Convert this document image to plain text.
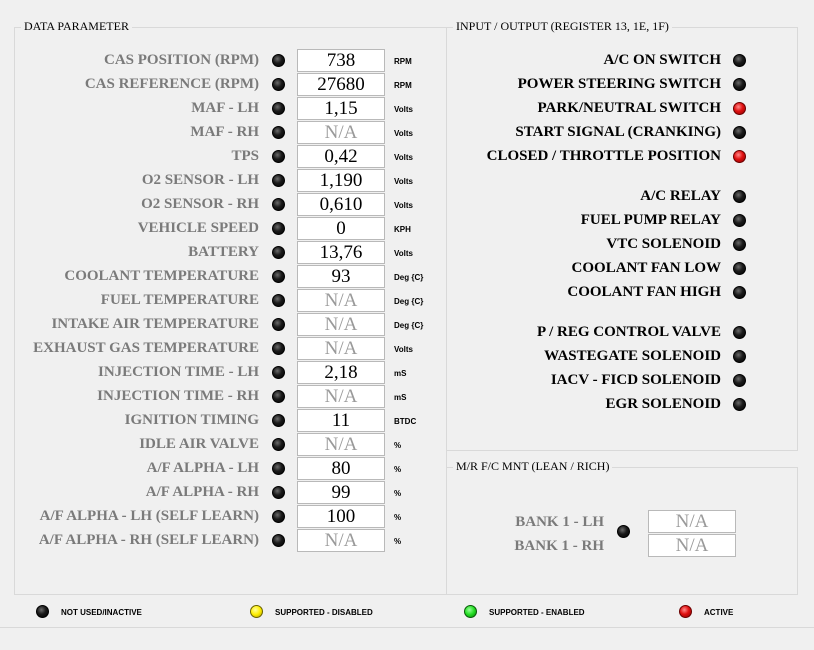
DATA PARAMETER	INPUT / OUTPUT (REGISTER 13, 1E, 1F)
M/R F/C MNT (LEAN / RICH)
CAS POSITION (RPM)	738	RPM
CAS REFERENCE (RPM)	27680	RPM
MAF - LH	1,15	Volts
MAF - RH	N/A	Volts
TPS	0,42	Volts
O2 SENSOR - LH	1,190	Volts
O2 SENSOR - RH	0,610	Volts
VEHICLE SPEED	0	KPH
BATTERY	13,76	Volts
COOLANT TEMPERATURE	93	Deg {C}
FUEL TEMPERATURE	N/A	Deg {C}
INTAKE AIR TEMPERATURE	N/A	Deg {C}
EXHAUST GAS TEMPERATURE	N/A	Volts
INJECTION TIME - LH	2,18	mS
INJECTION TIME - RH	N/A	mS
IGNITION TIMING	11	BTDC
IDLE AIR VALVE	N/A	%
A/F ALPHA - LH	80	%
A/F ALPHA - RH	99	%
A/F ALPHA - LH (SELF LEARN)	100	%
A/F ALPHA - RH (SELF LEARN)	N/A	%
A/C ON SWITCH
POWER STEERING SWITCH
PARK/NEUTRAL SWITCH
START SIGNAL (CRANKING)
CLOSED / THROTTLE POSITION
A/C RELAY
FUEL PUMP RELAY
VTC SOLENOID
COOLANT FAN LOW
COOLANT FAN HIGH
P / REG CONTROL VALVE
WASTEGATE SOLENOID
IACV - FICD SOLENOID
EGR SOLENOID
BANK 1 - LH	N/A
BANK 1 - RH	N/A
NOT USED/INACTIVE	SUPPORTED - DISABLED	SUPPORTED - ENABLED	ACTIVE
